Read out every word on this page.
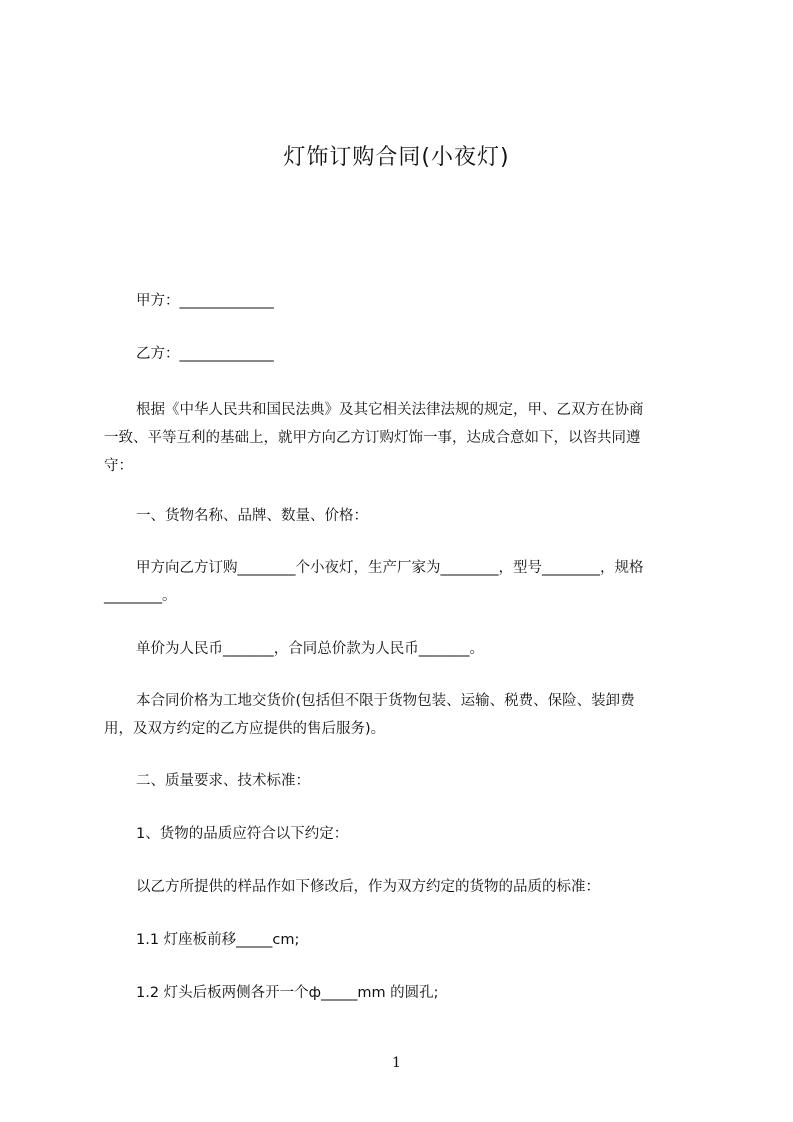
灯饰订购合同(小夜灯)
甲方：_____________
乙方：_____________
根据《中华人民共和国民法典》及其它相关法律法规的规定，甲、乙双方在协商
一致、平等互利的基础上，就甲方向乙方订购灯饰一事，达成合意如下，以咨共同遵
守：
一、货物名称、品牌、数量、价格：
甲方向乙方订购________个小夜灯，生产厂家为________，型号________，规格
________。
单价为人民币_______，合同总价款为人民币_______。
本合同价格为工地交货价(包括但不限于货物包装、运输、税费、保险、装卸费
用，及双方约定的乙方应提供的售后服务)。
二、质量要求、技术标准：
1、货物的品质应符合以下约定：
以乙方所提供的样品作如下修改后，作为双方约定的货物的品质的标准：
1.1 灯座板前移_____cm;
1.2 灯头后板两侧各开一个ф_____mm 的圆孔;
1
